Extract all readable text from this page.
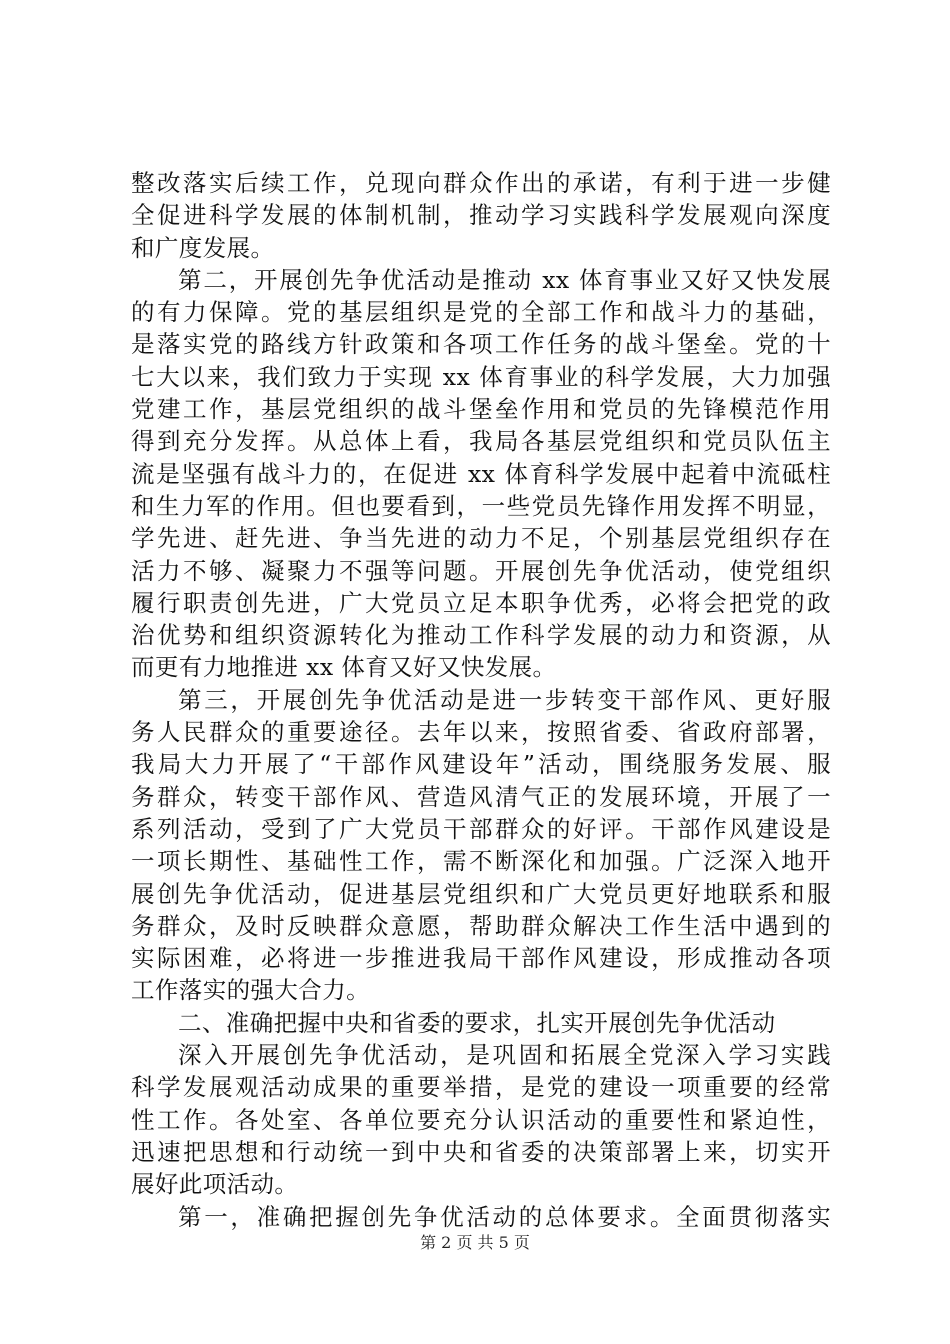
整改落实后续工作，兑现向群众作出的承诺，有利于进一步健
全促进科学发展的体制机制，推动学习实践科学发展观向深度
和广度发展。
第二，开展创先争优活动是推动 xx 体育事业又好又快发展
的有力保障。党的基层组织是党的全部工作和战斗力的基础，
是落实党的路线方针政策和各项工作任务的战斗堡垒。党的十
七大以来，我们致力于实现 xx 体育事业的科学发展，大力加强
党建工作，基层党组织的战斗堡垒作用和党员的先锋模范作用
得到充分发挥。从总体上看，我局各基层党组织和党员队伍主
流是坚强有战斗力的，在促进 xx 体育科学发展中起着中流砥柱
和生力军的作用。但也要看到，一些党员先锋作用发挥不明显，
学先进、赶先进、争当先进的动力不足，个别基层党组织存在
活力不够、凝聚力不强等问题。开展创先争优活动，使党组织
履行职责创先进，广大党员立足本职争优秀，必将会把党的政
治优势和组织资源转化为推动工作科学发展的动力和资源，从
而更有力地推进 xx 体育又好又快发展。
第三，开展创先争优活动是进一步转变干部作风、更好服
务人民群众的重要途径。去年以来，按照省委、省政府部署，
我局大力开展了“干部作风建设年”活动，围绕服务发展、服
务群众，转变干部作风、营造风清气正的发展环境，开展了一
系列活动，受到了广大党员干部群众的好评。干部作风建设是
一项长期性、基础性工作，需不断深化和加强。广泛深入地开
展创先争优活动，促进基层党组织和广大党员更好地联系和服
务群众，及时反映群众意愿，帮助群众解决工作生活中遇到的
实际困难，必将进一步推进我局干部作风建设，形成推动各项
工作落实的强大合力。
二、准确把握中央和省委的要求，扎实开展创先争优活动
深入开展创先争优活动，是巩固和拓展全党深入学习实践
科学发展观活动成果的重要举措，是党的建设一项重要的经常
性工作。各处室、各单位要充分认识活动的重要性和紧迫性，
迅速把思想和行动统一到中央和省委的决策部署上来，切实开
展好此项活动。
第一，准确把握创先争优活动的总体要求。全面贯彻落实
第 2 页 共 5 页
